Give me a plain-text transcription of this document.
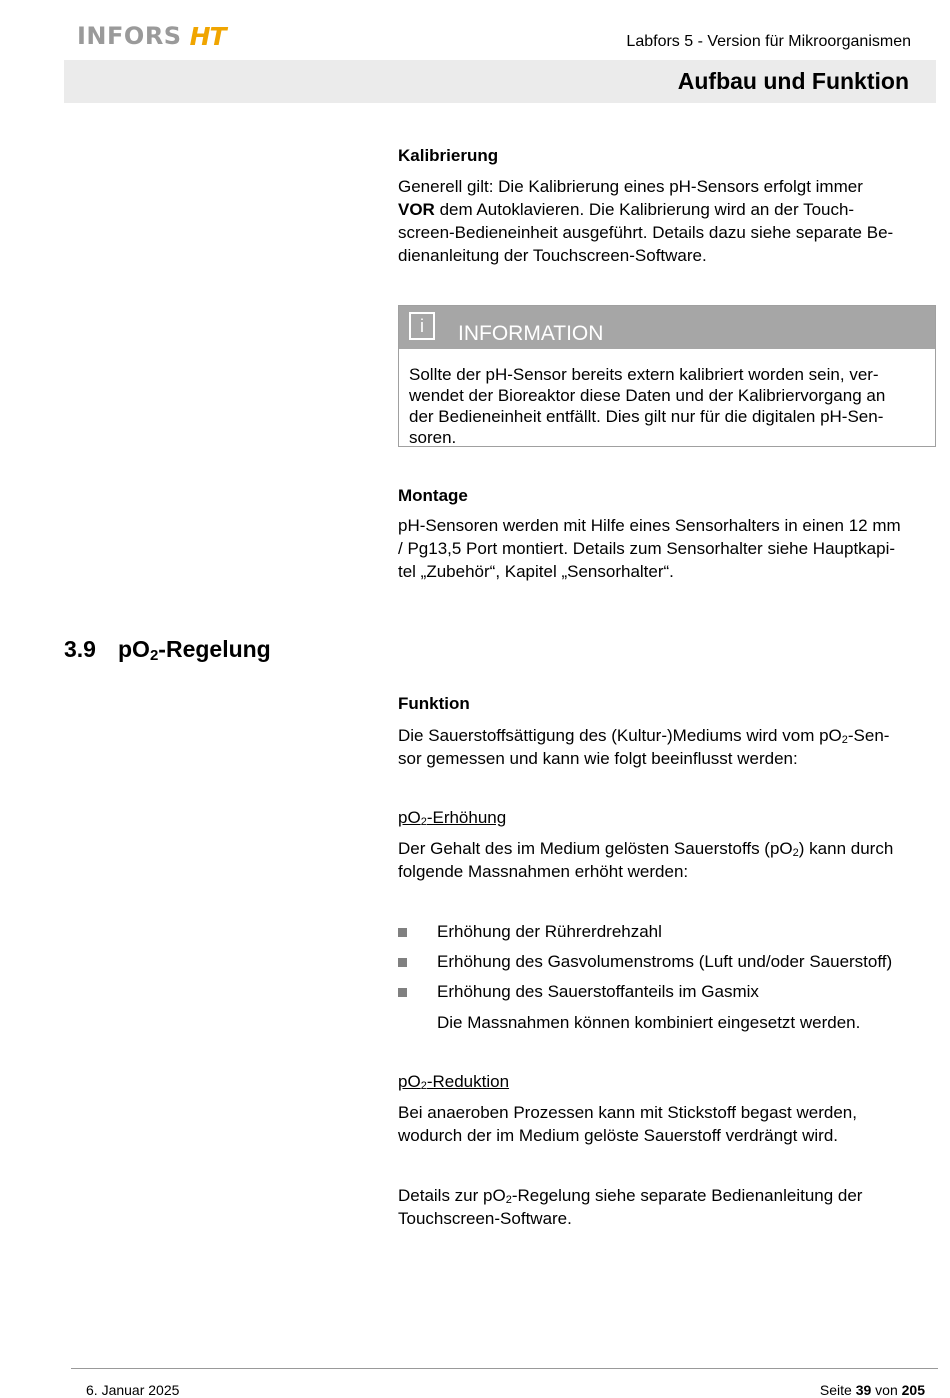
INFORS HT	Labfors 5 - Version für Mikroorganismen
Aufbau und Funktion
Kalibrierung
Generell gilt: Die Kalibrierung eines pH-Sensors erfolgt immer
VOR dem Autoklavieren. Die Kalibrierung wird an der Touch-
screen-Bedieneinheit ausgeführt. Details dazu siehe separate Be-
dienanleitung der Touchscreen-Software.
i	INFORMATION
Sollte der pH-Sensor bereits extern kalibriert worden sein, ver-
wendet der Bioreaktor diese Daten und der Kalibriervorgang an
der Bedieneinheit entfällt. Dies gilt nur für die digitalen pH-Sen-
soren.
Montage
pH-Sensoren werden mit Hilfe eines Sensorhalters in einen 12 mm
/ Pg13,5 Port montiert. Details zum Sensorhalter siehe Hauptkapi-
tel „Zubehör“, Kapitel „Sensorhalter“.
3.9 $pO_2$-Regelung
Funktion
Die Sauerstoffsättigung des (Kultur-)Mediums wird vom $pO_2-Sen-$
sor gemessen und kann wie folgt beeinflusst werden:
$pO_2$-Erhöhung
Der Gehalt des im Medium gelösten Sauerstoffs $(pO_2)$ kann durch
folgende Massnahmen erhöht werden:
Erhöhung der Rührerdrehzahl
Erhöhung des Gasvolumenstroms (Luft und/oder Sauerstoff)
Erhöhung des Sauerstoffanteils im Gasmix
Die Massnahmen können kombiniert eingesetzt werden.
$pO_2$-Reduktion
Bei anaeroben Prozessen kann mit Stickstoff begast werden,
wodurch der im Medium gelöste Sauerstoff verdrängt wird.
Details zur $pO_2$-Regelung siehe separate Bedienanleitung der
Touchscreen-Software.
6. Januar 2025	Seite 39 von 205
